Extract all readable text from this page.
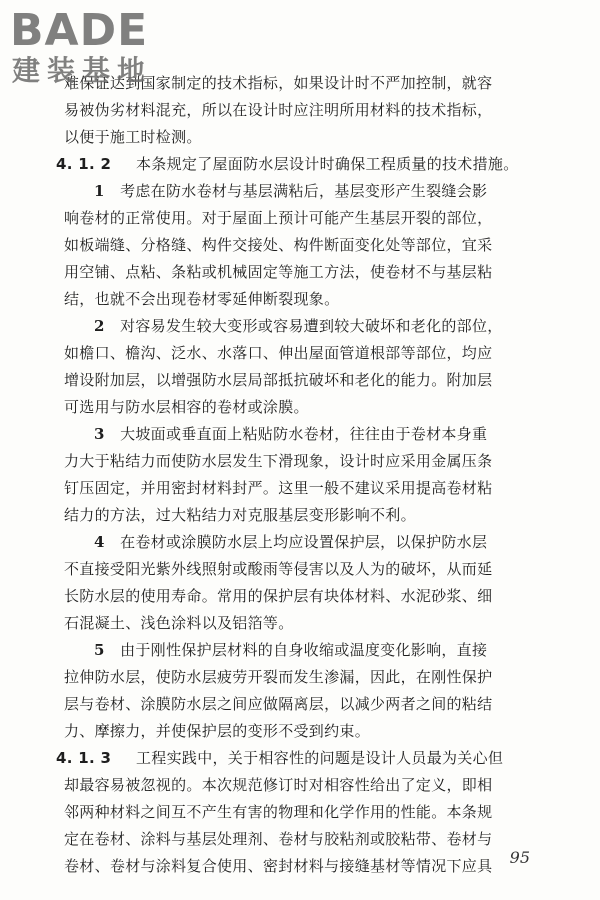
BADE
建装基地
难保证达到国家制定的技术指标，如果设计时不严加控制，就容
易被伪劣材料混充，所以在设计时应注明所用材料的技术指标，
以便于施工时检测。
4. 1. 2 本条规定了屋面防水层设计时确保工程质量的技术措施。
1　 考虑在防水卷材与基层满粘后，基层变形产生裂缝会影
响卷材的正常使用。对于屋面上预计可能产生基层开裂的部位，
如板端缝、分格缝、构件交接处、构件断面变化处等部位，宜采
用空铺、点粘、条粘或机械固定等施工方法，使卷材不与基层粘
结，也就不会出现卷材零延伸断裂现象。
2　 对容易发生较大变形或容易遭到较大破坏和老化的部位，
如檐口、檐沟、泛水、水落口、伸出屋面管道根部等部位，均应
增设附加层，以增强防水层局部抵抗破坏和老化的能力。附加层
可选用与防水层相容的卷材或涂膜。
3　 大坡面或垂直面上粘贴防水卷材，往往由于卷材本身重
力大于粘结力而使防水层发生下滑现象，设计时应采用金属压条
钉压固定，并用密封材料封严。这里一般不建议采用提高卷材粘
结力的方法，过大粘结力对克服基层变形影响不利。
4　 在卷材或涂膜防水层上均应设置保护层，以保护防水层
不直接受阳光紫外线照射或酸雨等侵害以及人为的破坏，从而延
长防水层的使用寿命。常用的保护层有块体材料、水泥砂浆、细
石混凝土、浅色涂料以及铝箔等。
5　 由于刚性保护层材料的自身收缩或温度变化影响，直接
拉伸防水层，使防水层疲劳开裂而发生渗漏，因此，在刚性保护
层与卷材、涂膜防水层之间应做隔离层，以减少两者之间的粘结
力、摩擦力，并使保护层的变形不受到约束。
4. 1. 3 工程实践中，关于相容性的问题是设计人员最为关心但
却最容易被忽视的。本次规范修订时对相容性给出了定义，即相
邻两种材料之间互不产生有害的物理和化学作用的性能。本条规
定在卷材、涂料与基层处理剂、卷材与胶粘剂或胶粘带、卷材与
卷材、卷材与涂料复合使用、密封材料与接缝基材等情况下应具	95
